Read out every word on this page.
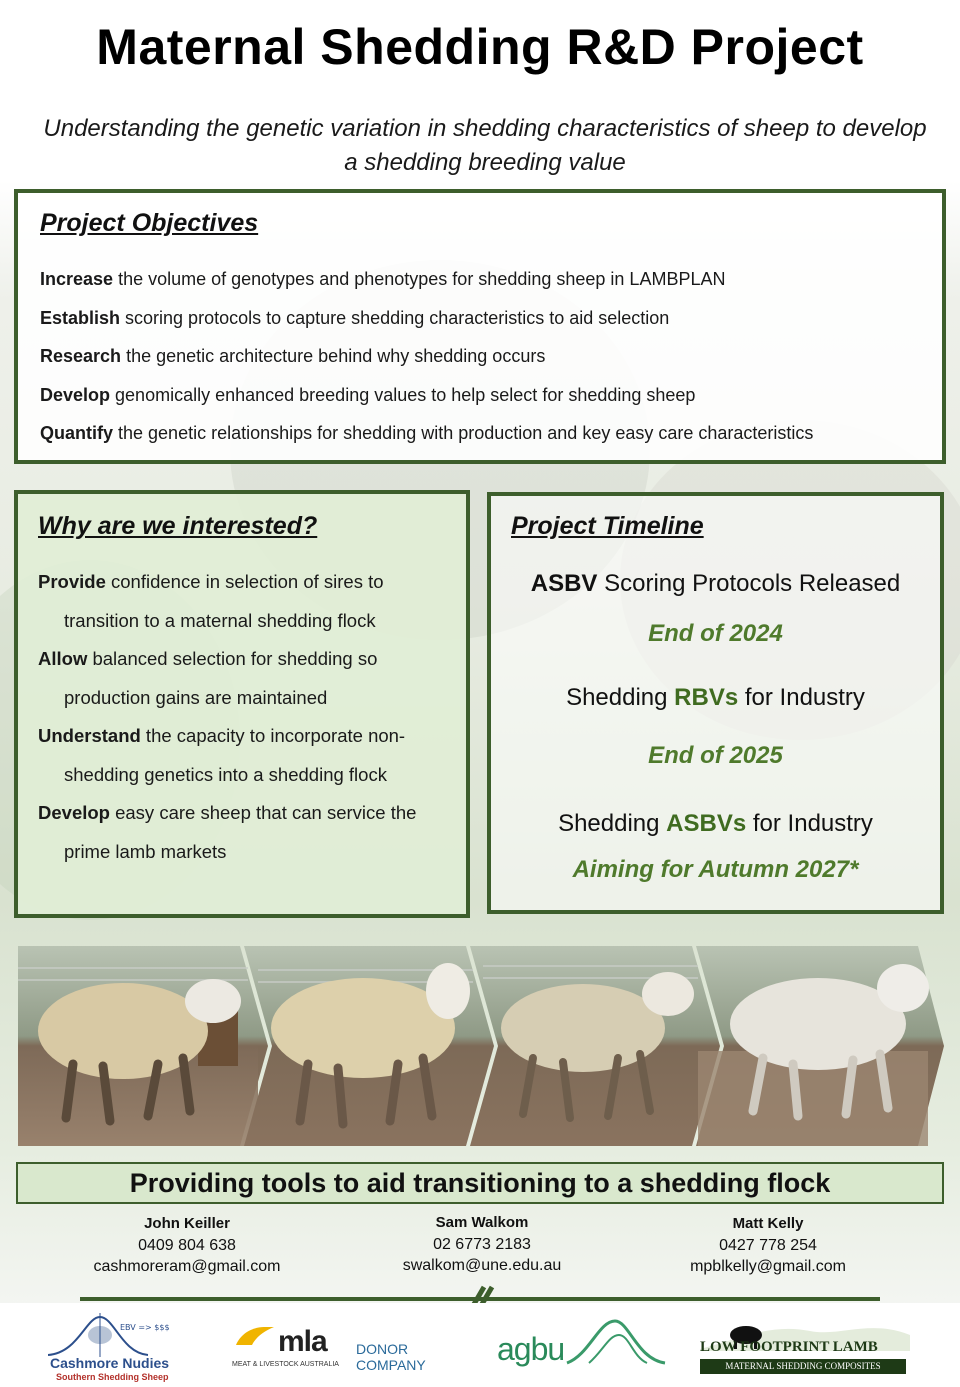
Maternal Shedding R&D Project
Understanding the genetic variation in shedding characteristics of sheep to develop a shedding breeding value
Project Objectives
Increase the volume of genotypes and phenotypes for shedding sheep in LAMBPLAN
Establish scoring protocols to capture shedding characteristics to aid selection
Research the genetic architecture behind why shedding occurs
Develop genomically enhanced breeding values to help select for shedding sheep
Quantify the genetic relationships for shedding with production and key easy care characteristics
Why are we interested?
Provide confidence in selection of sires to transition to a maternal shedding flock
Allow balanced selection for shedding so production gains are maintained
Understand the capacity to incorporate non-shedding genetics into a shedding flock
Develop easy care sheep that can service the prime lamb markets
Project Timeline
ASBV Scoring Protocols Released
End of 2024
Shedding RBVs for Industry
End of 2025
Shedding ASBVs for Industry
Aiming for Autumn 2027*
Providing tools to aid transitioning to a shedding flock
John Keiller
0409 804 638
cashmoreram@gmail.com
Sam Walkom
02 6773 2183
swalkom@une.edu.au
Matt Kelly
0427 778 254
mpblkelly@gmail.com
EBV => $$$
Cashmore Nudies
Southern Shedding Sheep
mla
MEAT & LIVESTOCK AUSTRALIA
DONOR
COMPANY agbu	LOW FOOTPRINT LAMB
MATERNAL SHEDDING COMPOSITES
